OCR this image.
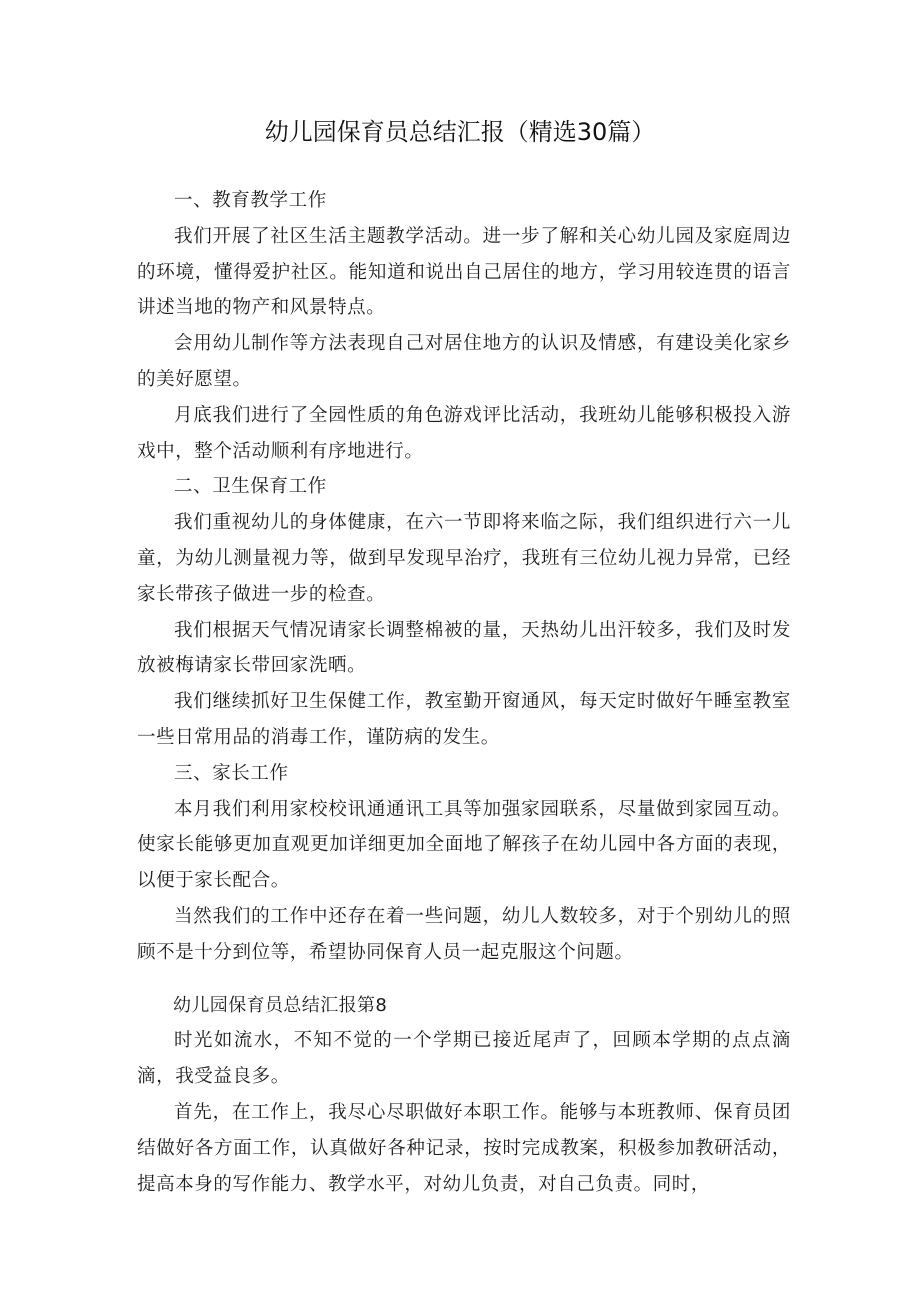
幼儿园保育员总结汇报（精选30篇）

一、教育教学工作

我们开展了社区生活主题教学活动。进一步了解和关心幼儿园及家庭周边的环境，懂得爱护社区。能知道和说出自己居住的地方，学习用较连贯的语言讲述当地的物产和风景特点。

会用幼儿制作等方法表现自己对居住地方的认识及情感，有建设美化家乡的美好愿望。

月底我们进行了全园性质的角色游戏评比活动，我班幼儿能够积极投入游戏中，整个活动顺利有序地进行。

二、卫生保育工作

我们重视幼儿的身体健康，在六一节即将来临之际，我们组织进行六一儿童，为幼儿测量视力等，做到早发现早治疗，我班有三位幼儿视力异常，已经家长带孩子做进一步的检查。

我们根据天气情况请家长调整棉被的量，天热幼儿出汗较多，我们及时发放被梅请家长带回家洗晒。

我们继续抓好卫生保健工作，教室勤开窗通风，每天定时做好午睡室教室一些日常用品的消毒工作，谨防病的发生。

三、家长工作

本月我们利用家校校讯通通讯工具等加强家园联系，尽量做到家园互动。使家长能够更加直观更加详细更加全面地了解孩子在幼儿园中各方面的表现，以便于家长配合。

当然我们的工作中还存在着一些问题，幼儿人数较多，对于个别幼儿的照顾不是十分到位等，希望协同保育人员一起克服这个问题。

幼儿园保育员总结汇报第8

时光如流水，不知不觉的一个学期已接近尾声了，回顾本学期的点点滴滴，我受益良多。

首先，在工作上，我尽心尽职做好本职工作。能够与本班教师、保育员团结做好各方面工作，认真做好各种记录，按时完成教案，积极参加教研活动，提高本身的写作能力、教学水平，对幼儿负责，对自己负责。同时，
